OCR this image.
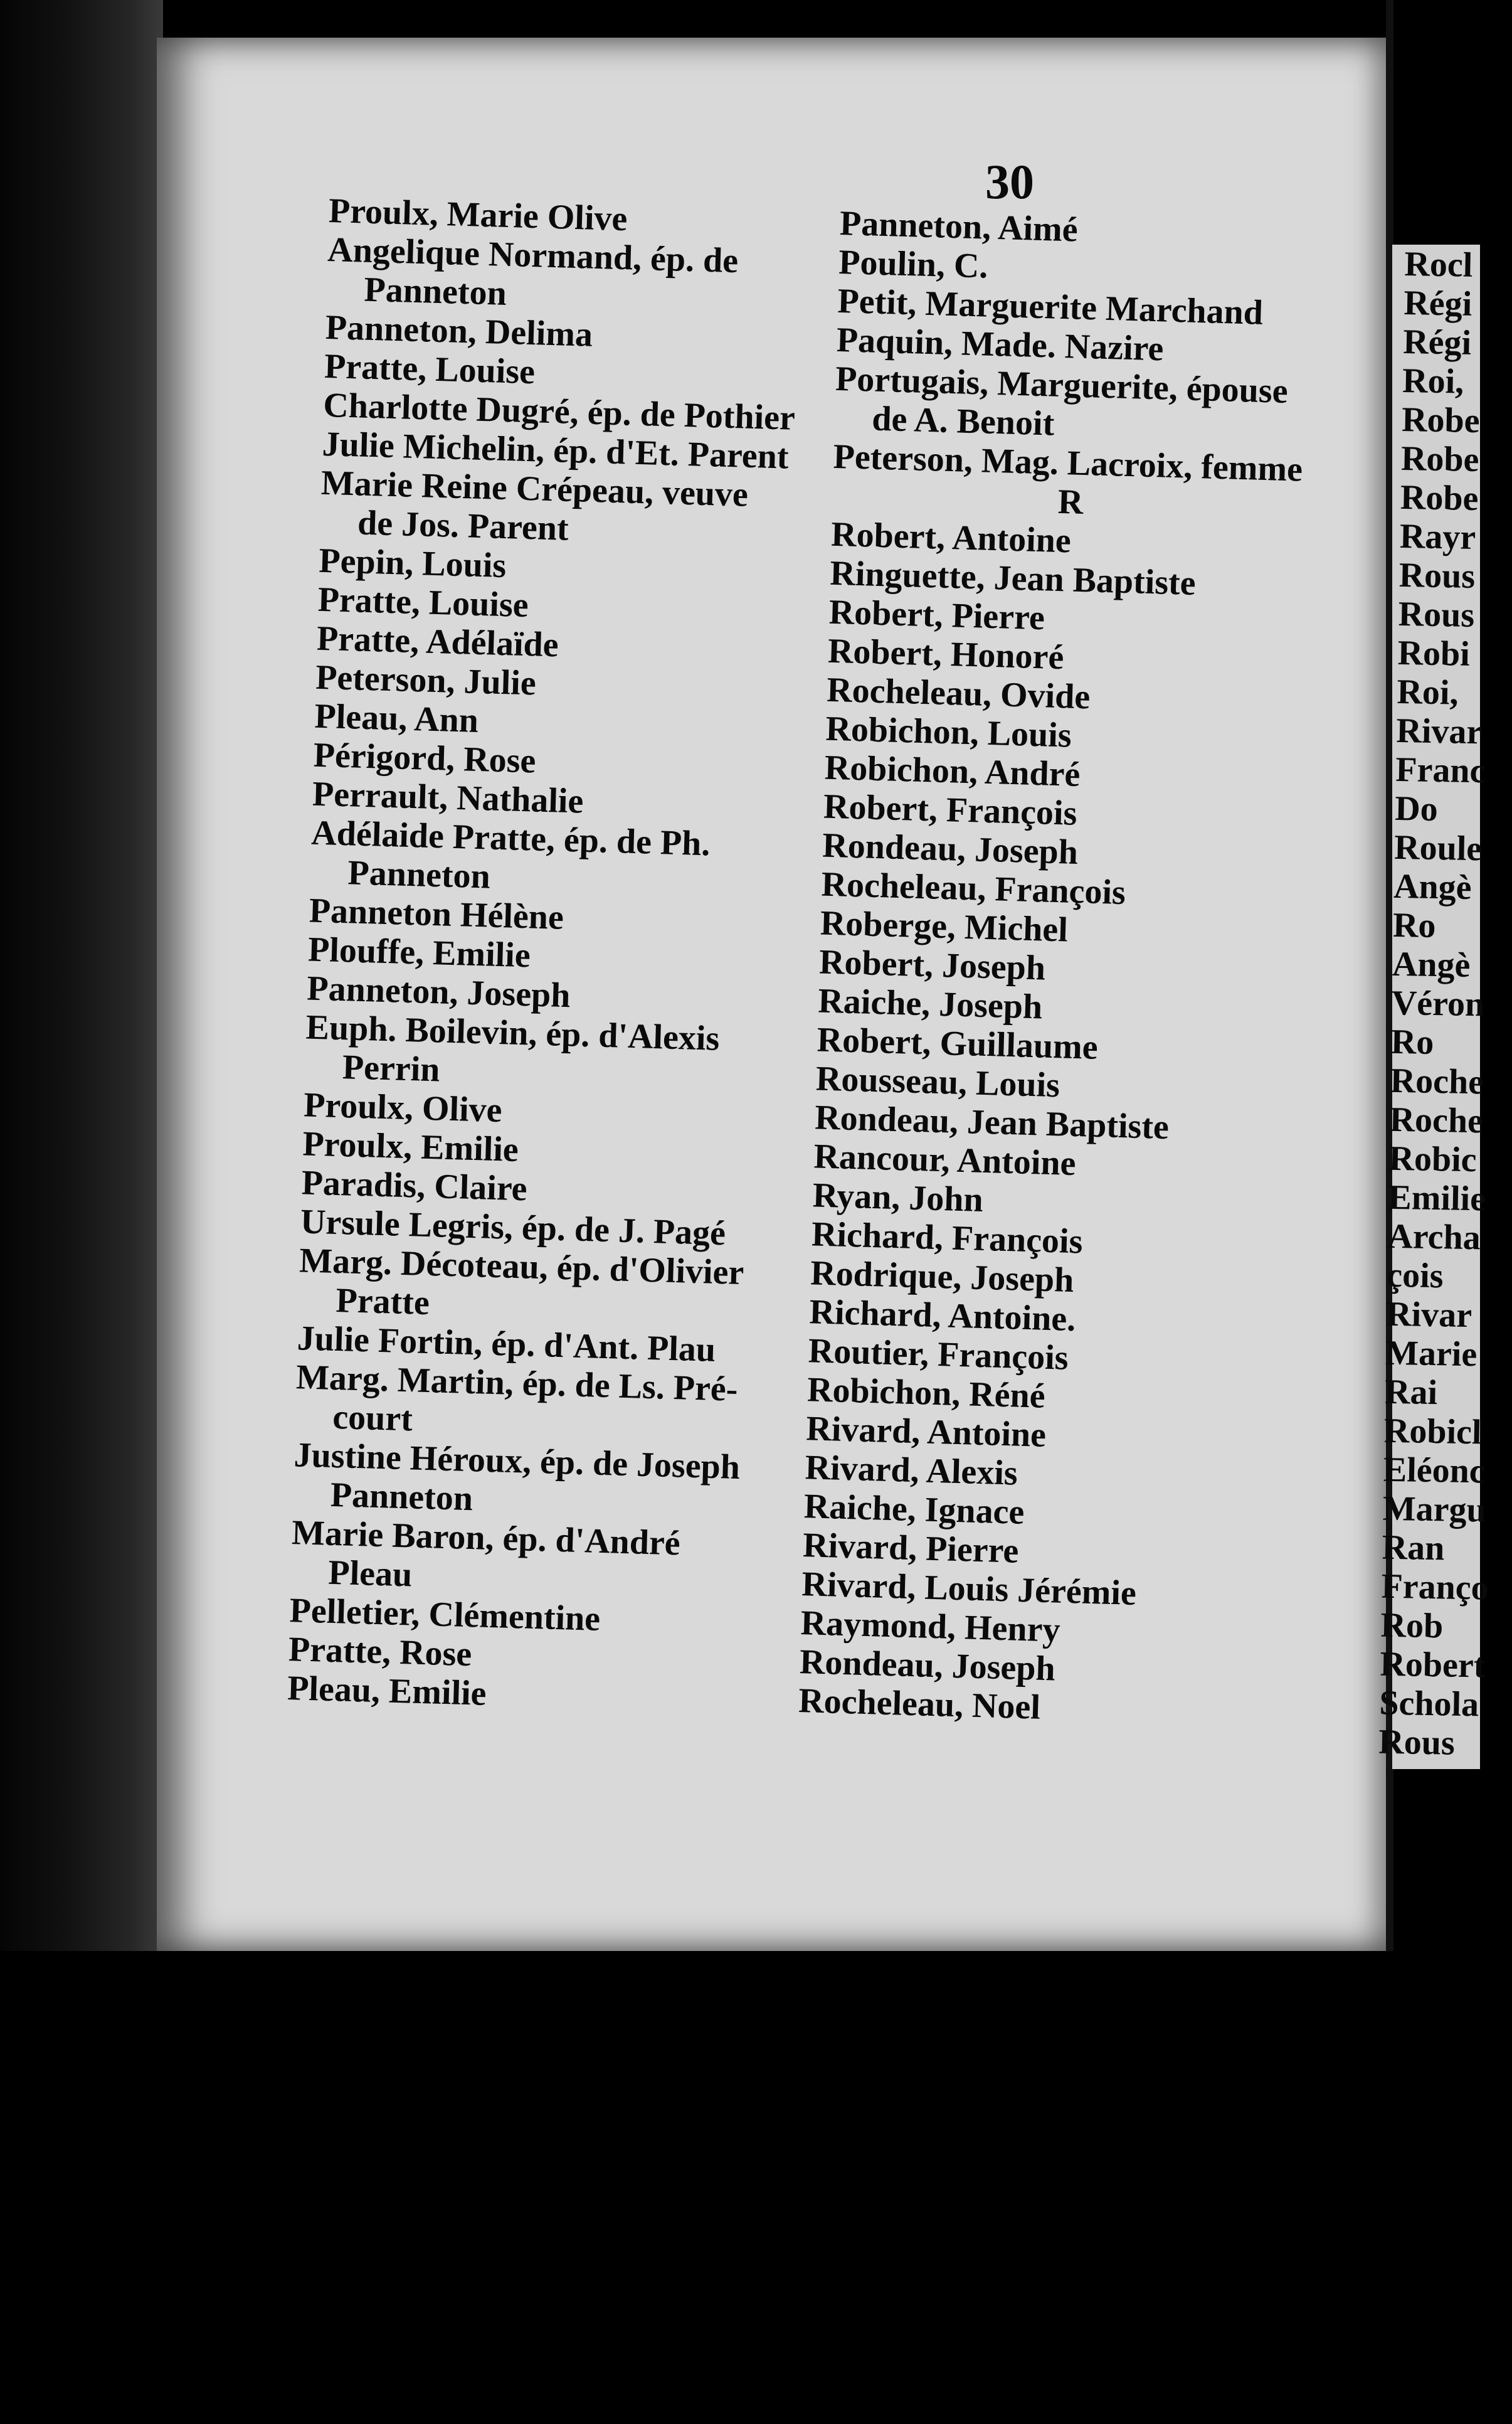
30
Proulx, Marie Olive
Angelique Normand, ép. de
Panneton
Panneton, Delima
Pratte, Louise
Charlotte Dugré, ép. de Pothier
Julie Michelin, ép. d'Et. Parent
Marie Reine Crépeau, veuve
de Jos. Parent
Pepin, Louis
Pratte, Louise
Pratte, Adélaïde
Peterson, Julie
Pleau, Ann
Périgord, Rose
Perrault, Nathalie
Adélaide Pratte, ép. de Ph.
Panneton
Panneton Hélène
Plouffe, Emilie
Panneton, Joseph
Euph. Boilevin, ép. d'Alexis
Perrin
Proulx, Olive
Proulx, Emilie
Paradis, Claire
Ursule Legris, ép. de J. Pagé
Marg. Décoteau, ép. d'Olivier
Pratte
Julie Fortin, ép. d'Ant. Plau
Marg. Martin, ép. de Ls. Pré-
court
Justine Héroux, ép. de Joseph
Panneton
Marie Baron, ép. d'André
Pleau
Pelletier, Clémentine
Pratte, Rose
Pleau, Emilie
Panneton, Aimé
Poulin, C.
Petit, Marguerite Marchand
Paquin, Made. Nazire
Portugais, Marguerite, épouse
de A. Benoit
Peterson, Mag. Lacroix, femme
R
Robert, Antoine
Ringuette, Jean Baptiste
Robert, Pierre
Robert, Honoré
Rocheleau, Ovide
Robichon, Louis
Robichon, André
Robert, François
Rondeau, Joseph
Rocheleau, François
Roberge, Michel
Robert, Joseph
Raiche, Joseph
Robert, Guillaume
Rousseau, Louis
Rondeau, Jean Baptiste
Rancour, Antoine
Ryan, John
Richard, François
Rodrique, Joseph
Richard, Antoine.
Routier, François
Robichon, Réné
Rivard, Antoine
Rivard, Alexis
Raiche, Ignace
Rivard, Pierre
Rivard, Louis Jérémie
Raymond, Henry
Rondeau, Joseph
Rocheleau, Noel
Rocl
Régi
Régi
Roi,
Robe
Robe
Robe
Rayr
Rous
Rous
Robi
Roi,
Rivar
Franc
Do
Roule
Angè
Ro
Angè
Véron
Ro
Roche
Roche
Robic
Emilie
Archa
çois
Rivar
Marie
Rai
Robicl
Eléonc
Margu
Ran
Franço
Rob
Robert
Schola
Rous
